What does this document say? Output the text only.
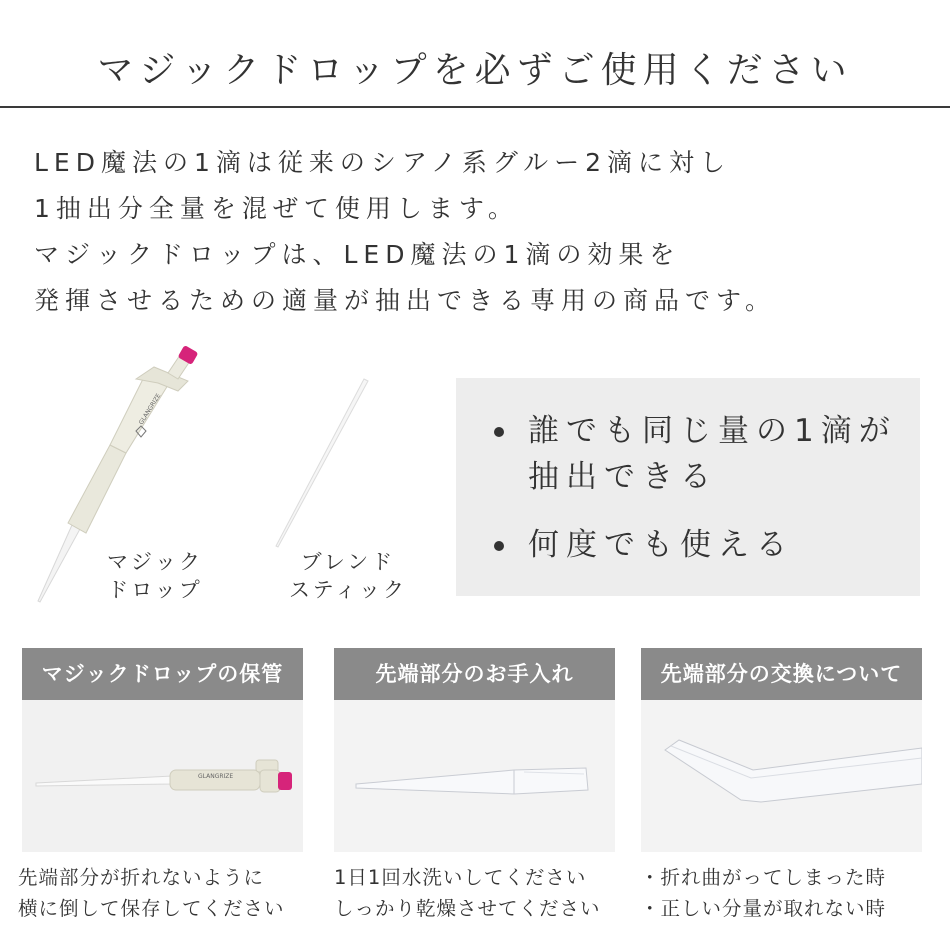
マジックドロップを必ずご使用ください
LED魔法の1滴は従来のシアノ系グルー2滴に対し
1抽出分全量を混ぜて使用します。
マジックドロップは、LED魔法の1滴の効果を
発揮させるための適量が抽出できる専用の商品です。
GLANGRIZE
マジック
ドロップ
ブレンド
スティック
誰でも同じ量の1滴が
抽出できる
何度でも使える
マジックドロップの保管
GLANGRIZE
先端部分のお手入れ	先端部分の交換について
先端部分が折れないように
横に倒して保存してください
1日1回水洗いしてください
しっかり乾燥させてください
・折れ曲がってしまった時
・正しい分量が取れない時
